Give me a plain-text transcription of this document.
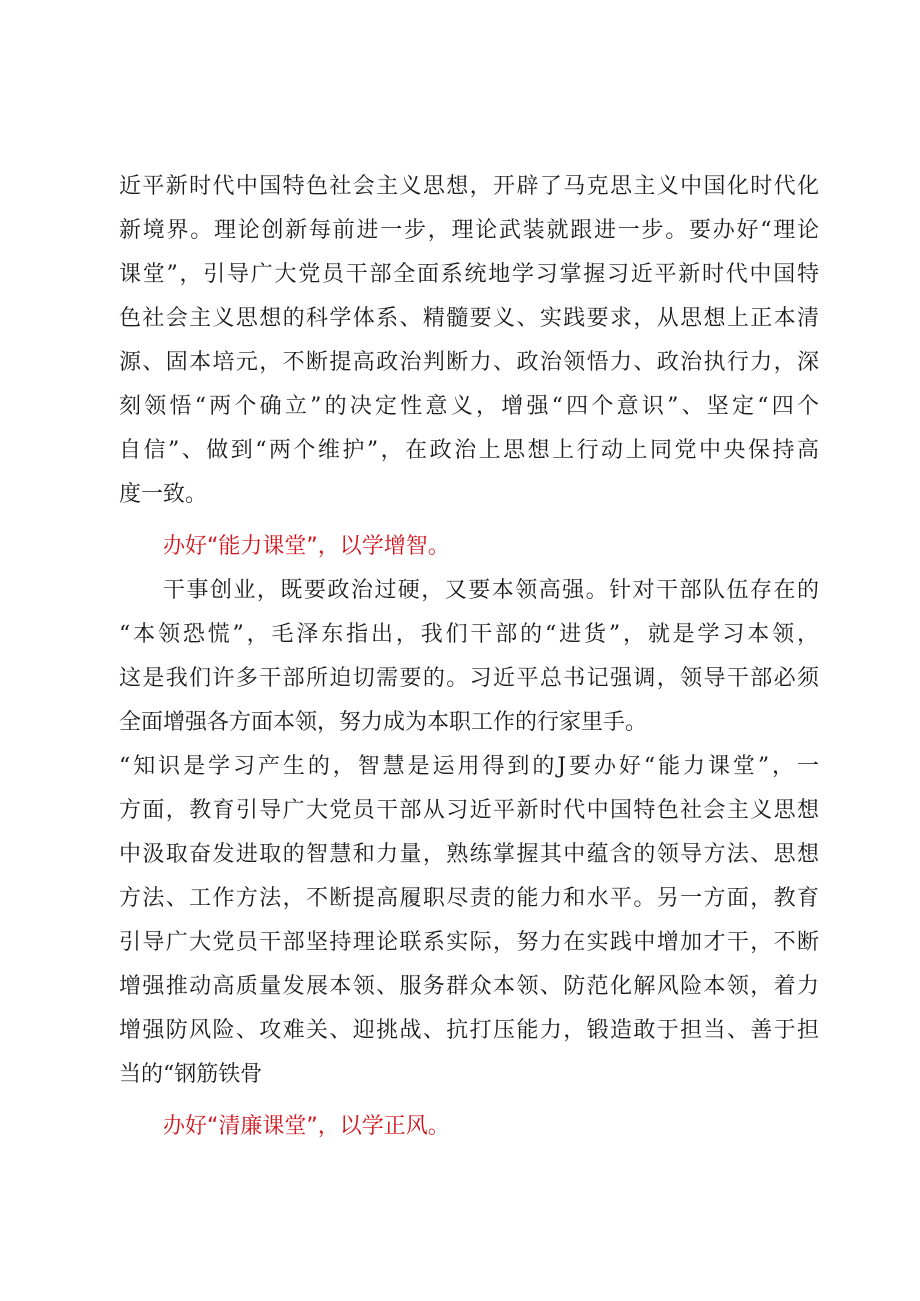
近平新时代中国特色社会主义思想，开辟了马克思主义中国化时代化
新境界。理论创新每前进一步，理论武装就跟进一步。要办好“理论
课堂”，引导广大党员干部全面系统地学习掌握习近平新时代中国特
色社会主义思想的科学体系、精髓要义、实践要求，从思想上正本清
源、固本培元，不断提高政治判断力、政治领悟力、政治执行力，深
刻领悟“两个确立”的决定性意义，增强“四个意识”、坚定“四个
自信”、做到“两个维护”，在政治上思想上行动上同党中央保持高
度一致。
办好“能力课堂”，以学增智。
干事创业，既要政治过硬，又要本领高强。针对干部队伍存在的
“本领恐慌”，毛泽东指出，我们干部的“进货”，就是学习本领，
这是我们许多干部所迫切需要的。习近平总书记强调，领导干部必须
全面增强各方面本领，努力成为本职工作的行家里手。
“知识是学习产生的，智慧是运用得到的J要办好“能力课堂”，一
方面，教育引导广大党员干部从习近平新时代中国特色社会主义思想
中汲取奋发进取的智慧和力量，熟练掌握其中蕴含的领导方法、思想
方法、工作方法，不断提高履职尽责的能力和水平。另一方面，教育
引导广大党员干部坚持理论联系实际，努力在实践中增加才干，不断
增强推动高质量发展本领、服务群众本领、防范化解风险本领，着力
增强防风险、攻难关、迎挑战、抗打压能力，锻造敢于担当、善于担
当的“钢筋铁骨
办好“清廉课堂”，以学正风。
